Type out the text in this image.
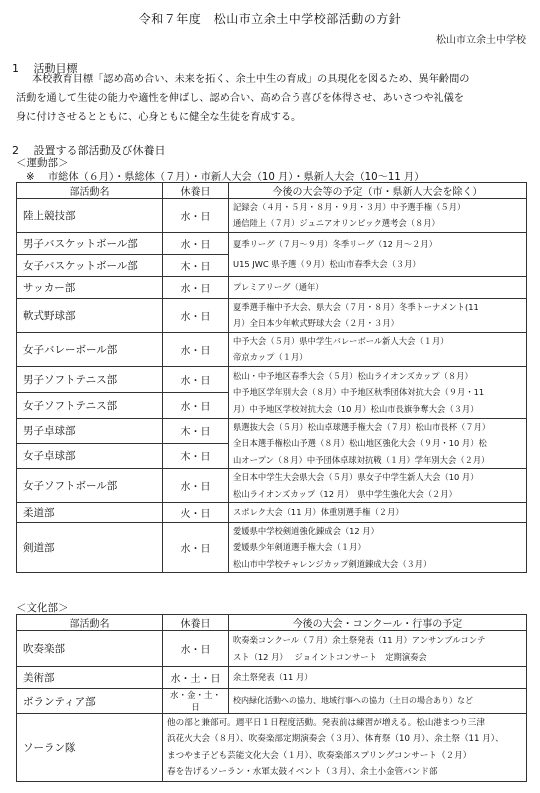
令和７年度　松山市立余土中学校部活動の方針
松山市立余土中学校
1　 活動目標
本校教育目標「認め高め合い、未来を拓く、余土中生の育成」の具現化を図るため、異年齢間の
活動を通して生徒の能力や適性を伸ばし、認め合い、高め合う喜びを体得させ、あいさつや礼儀を
身に付けさせるとともに、心身ともに健全な生徒を育成する。
2　 設置する部活動及び休養日
＜運動部＞
※　 市総体（６月）・県総体（７月）・市新人大会（10 月）・県新人大会（10～11 月）
部活動名	休養日	今後の大会等の予定（市・県新人大会を除く）
陸上競技部	水・日	記録会（４月・５月・８月・９月・３月）中予選手権（５月）
通信陸上（７月）ジュニアオリンピック選考会（８月）

男子バスケットボール部	水・日	夏季リーグ（７月～９月）冬季リーグ（12 月～２月）
U15 JWC 県予選（９月）松山市春季大会（３月）

女子バスケットボール部	木・日	
サッカー部	水・日	プレミアリーグ（通年）

軟式野球部	水・日	夏季選手権中予大会、県大会（７月・８月）冬季トーナメント(11
月）全日本少年軟式野球大会（２月・３月）

女子バレーボール部	水・日	中予大会（５月）県中学生バレーボール新人大会（１月）
帝京カップ（１月）

男子ソフトテニス部	水・日	松山・中予地区春季大会（５月）松山ライオンズカップ（８月）
中予地区学年別大会（８月）中予地区秋季団体対抗大会（９月・11
月）中予地区学校対抗大会（10 月）松山市長旗争奪大会（３月）

女子ソフトテニス部	水・日	
男子卓球部	木・日	県選抜大会（５月）松山卓球選手権大会（７月）松山市長杯（７月）
全日本選手権松山予選（８月）松山地区強化大会（９月・10 月）松
山オープン（８月）中予団体卓球対抗戦（１月）学年別大会（２月）

女子卓球部	木・日	
女子ソフトボール部	水・日	全日本中学生大会県大会（５月）県女子中学生新人大会（10 月）
松山ライオンズカップ（12 月）　県中学生強化大会（２月）

柔道部	火・日	スポレク大会（11 月）体重別選手権（２月）

剣道部	水・日	愛媛県中学校剣道強化錬成会（12 月）
愛媛県少年剣道選手権大会（１月）
松山市中学校チャレンジカップ剣道錬成大会（３月）
＜文化部＞
部活動名	休養日	今後の大会・コンクール・行事の予定
吹奏楽部	水・日	吹奏楽コンクール（７月）余土祭発表（11 月）アンサンブルコンテ
スト（12 月）　 ジョイントコンサート　定期演奏会

美術部	水・土・日	余土祭発表（11 月）

ボランティア部	水・金・土・日	校内緑化活動への協力、地域行事への協力（土日の場合あり）など

ソーラン隊	他の部と兼部可。週平日１日程度活動。発表前は練習が増える。松山港まつり三津
浜花火大会（８月）、吹奏楽部定期演奏会（３月）、体育祭（10 月）、余土祭（11 月）、
まつやま子ども芸能文化大会（１月）、吹奏楽部スプリングコンサート（２月）
春を告げるソーラン・水軍太鼓イベント（３月）、余土小金管バンド部	
